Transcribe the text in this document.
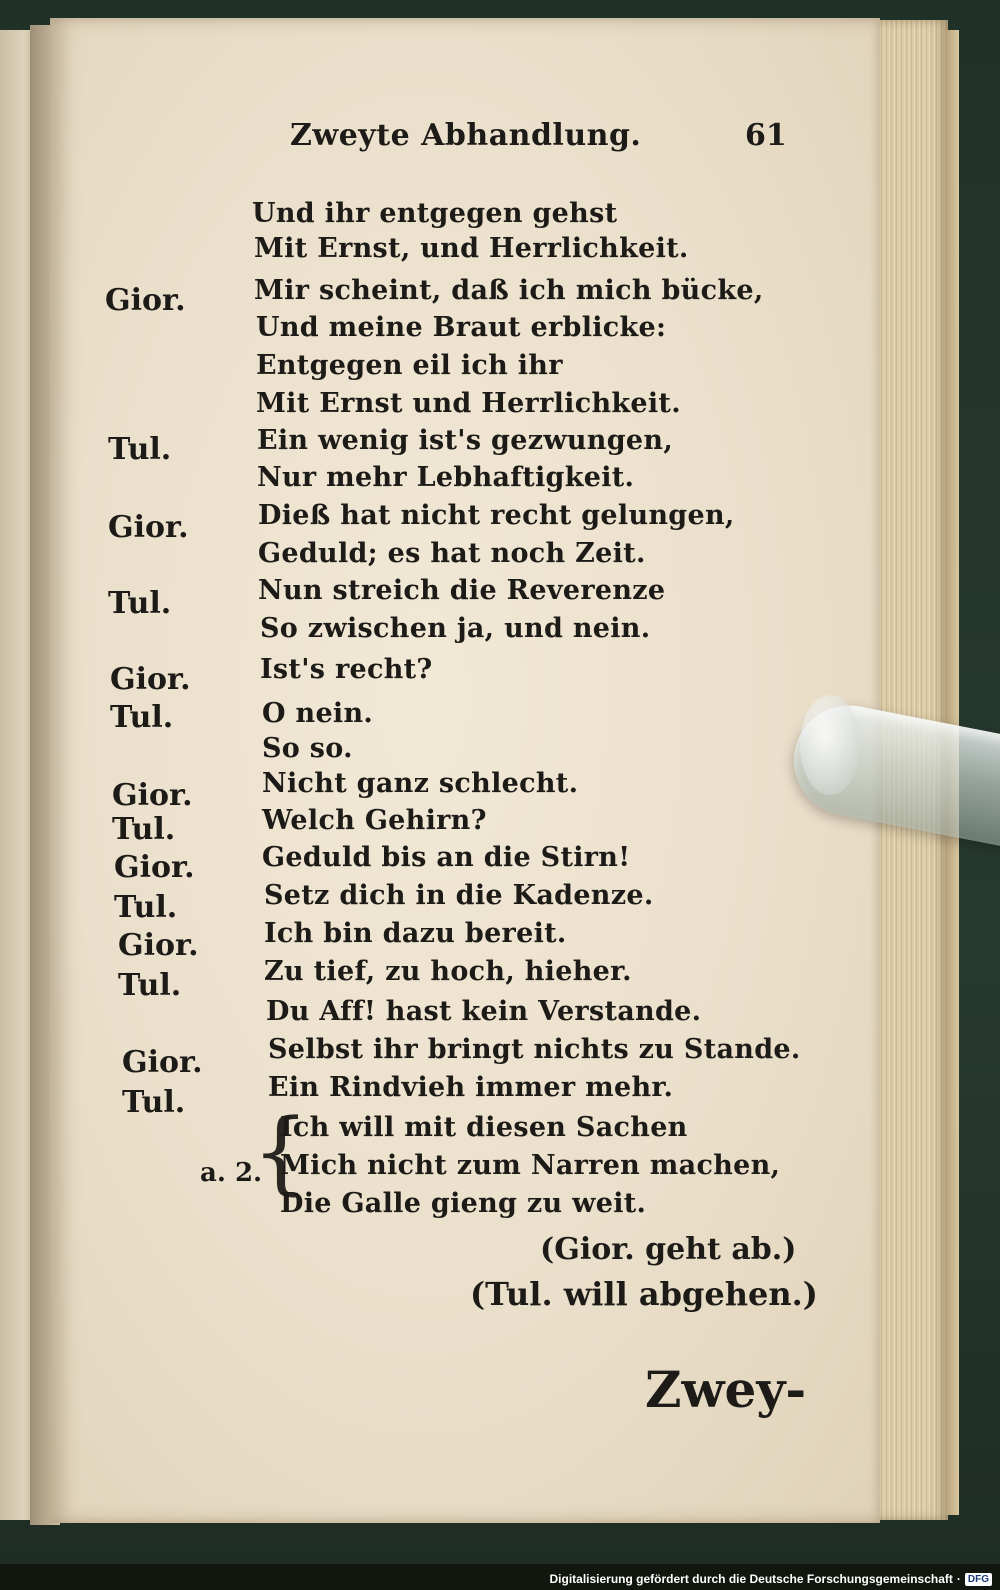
Zweyte Abhandlung.	61
Und ihr entgegen gehst
Mit Ernst, und Herrlichkeit.
Gior.	Mir scheint, daß ich mich bücke,
Und meine Braut erblicke:
Entgegen eil ich ihr
Mit Ernst und Herrlichkeit.
Tul.	Ein wenig ist's gezwungen,
Nur mehr Lebhaftigkeit.
Gior.	Dieß hat nicht recht gelungen,
Geduld; es hat noch Zeit.
Tul.	Nun streich die Reverenze
So zwischen ja, und nein.
Gior.	Ist's recht?
Tul.	O nein.
So so.
Gior.	Nicht ganz schlecht.
Tul.	Welch Gehirn?
Gior. Geduld bis an die Stirn!
Tul.	Setz dich in die Kadenze.
Gior. Ich bin dazu bereit.
Tul.	Zu tief, zu hoch, hieher.
Du Aff! hast kein Verstande.
Gior. Selbst ihr bringt nichts zu Stande.
Tul.	Ein Rindvieh immer mehr.
a. 2.
{
Ich will mit diesen Sachen
Mich nicht zum Narren machen,
Die Galle gieng zu weit.
(Gior. geht ab.)
(Tul. will abgehen.)
Zwey-
Digitalisierung gefördert durch die Deutsche Forschungsgemeinschaft · DFG
